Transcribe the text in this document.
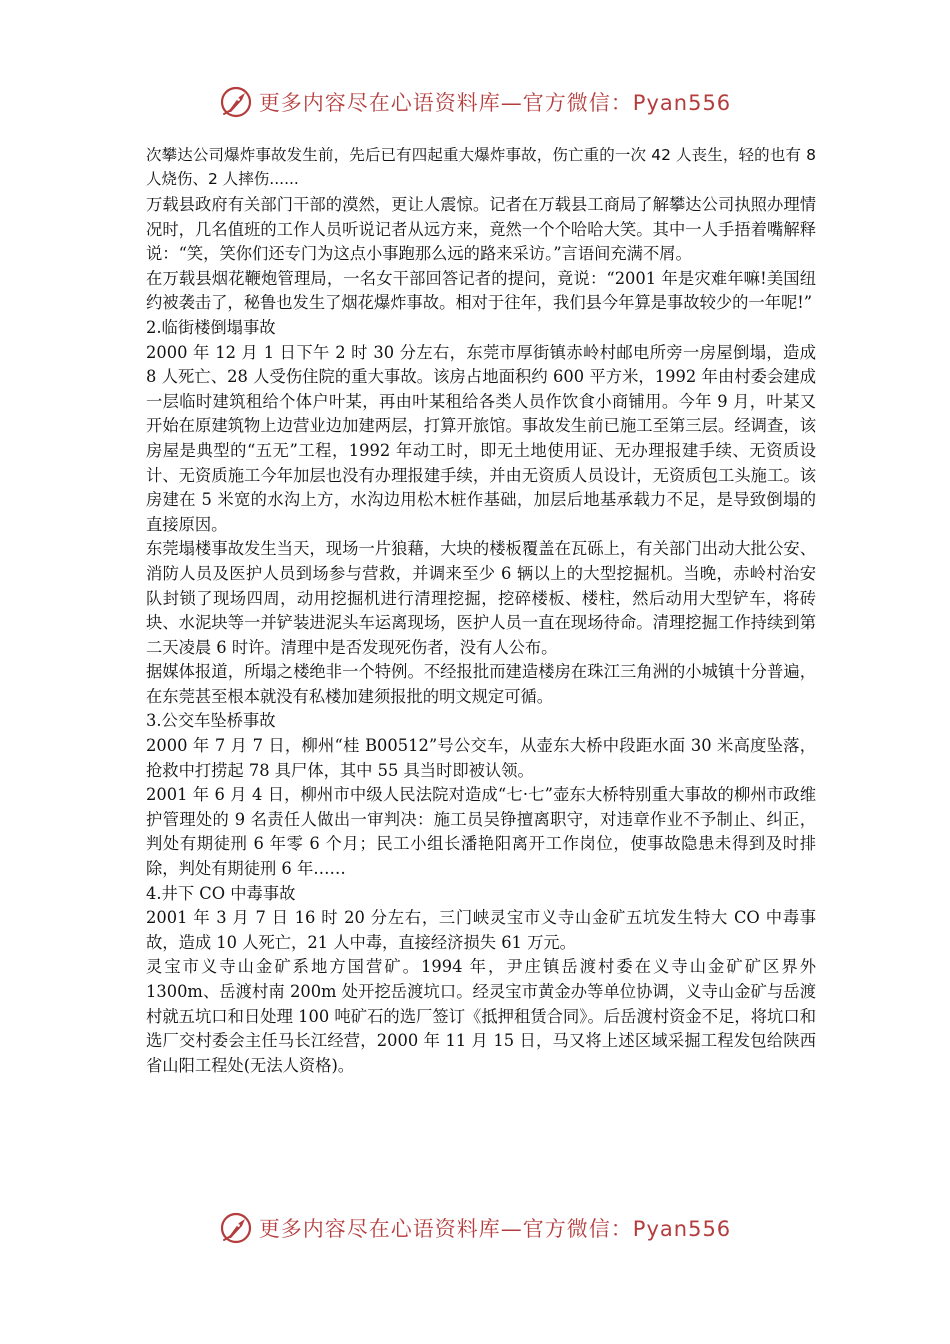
更多内容尽在心语资料库—官方微信：Pyan556

次攀达公司爆炸事故发生前，先后已有四起重大爆炸事故，伤亡重的一次 42 人丧生，轻的也有 8 人烧伤、2 人摔伤......

万载县政府有关部门干部的漠然，更让人震惊。记者在万载县工商局了解攀达公司执照办理情况时，几名值班的工作人员听说记者从远方来，竟然一个个哈哈大笑。其中一人手捂着嘴解释说：“笑，笑你们还专门为这点小事跑那么远的路来采访。”言语间充满不屑。

在万载县烟花鞭炮管理局，一名女干部回答记者的提问，竟说：“2001 年是灾难年嘛!美国纽约被袭击了，秘鲁也发生了烟花爆炸事故。相对于往年，我们县今年算是事故较少的一年呢!”

2.临街楼倒塌事故

2000 年 12 月 1 日下午 2 时 30 分左右，东莞市厚街镇赤岭村邮电所旁一房屋倒塌，造成 8 人死亡、28 人受伤住院的重大事故。该房占地面积约 600 平方米，1992 年由村委会建成一层临时建筑租给个体户叶某，再由叶某租给各类人员作饮食小商铺用。今年 9 月，叶某又开始在原建筑物上边营业边加建两层，打算开旅馆。事故发生前已施工至第三层。经调查，该房屋是典型的“五无”工程，1992 年动工时，即无土地使用证、无办理报建手续、无资质设计、无资质施工今年加层也没有办理报建手续，并由无资质人员设计，无资质包工头施工。该房建在 5 米宽的水沟上方，水沟边用松木桩作基础，加层后地基承载力不足，是导致倒塌的直接原因。

东莞塌楼事故发生当天，现场一片狼藉，大块的楼板覆盖在瓦砾上，有关部门出动大批公安、消防人员及医护人员到场参与营救，并调来至少 6 辆以上的大型挖掘机。当晚，赤岭村治安队封锁了现场四周，动用挖掘机进行清理挖掘，挖碎楼板、楼柱，然后动用大型铲车，将砖块、水泥块等一并铲装进泥头车运离现场，医护人员一直在现场待命。清理挖掘工作持续到第二天凌晨 6 时许。清理中是否发现死伤者，没有人公布。

据媒体报道，所塌之楼绝非一个特例。不经报批而建造楼房在珠江三角洲的小城镇十分普遍，在东莞甚至根本就没有私楼加建须报批的明文规定可循。

3.公交车坠桥事故

2000 年 7 月 7 日，柳州“桂 B00512”号公交车，从壶东大桥中段距水面 30 米高度坠落，抢救中打捞起 78 具尸体，其中 55 具当时即被认领。

2001 年 6 月 4 日，柳州市中级人民法院对造成“七·七”壶东大桥特别重大事故的柳州市政维护管理处的 9 名责任人做出一审判决：施工员吴铮擅离职守，对违章作业不予制止、纠正，判处有期徒刑 6 年零 6 个月；民工小组长潘艳阳离开工作岗位，使事故隐患未得到及时排除，判处有期徒刑 6 年……

4.井下 CO 中毒事故

2001 年 3 月 7 日 16 时 20 分左右，三门峡灵宝市义寺山金矿五坑发生特大 CO 中毒事故，造成 10 人死亡，21 人中毒，直接经济损失 61 万元。

灵宝市义寺山金矿系地方国营矿。1994 年，尹庄镇岳渡村委在义寺山金矿矿区界外 1300m、岳渡村南 200m 处开挖岳渡坑口。经灵宝市黄金办等单位协调，义寺山金矿与岳渡村就五坑口和日处理 100 吨矿石的选厂签订《抵押租赁合同》。后岳渡村资金不足，将坑口和选厂交村委会主任马长江经营，2000 年 11 月 15 日，马又将上述区域采掘工程发包给陕西省山阳工程处(无法人资格)。

更多内容尽在心语资料库—官方微信：Pyan556
